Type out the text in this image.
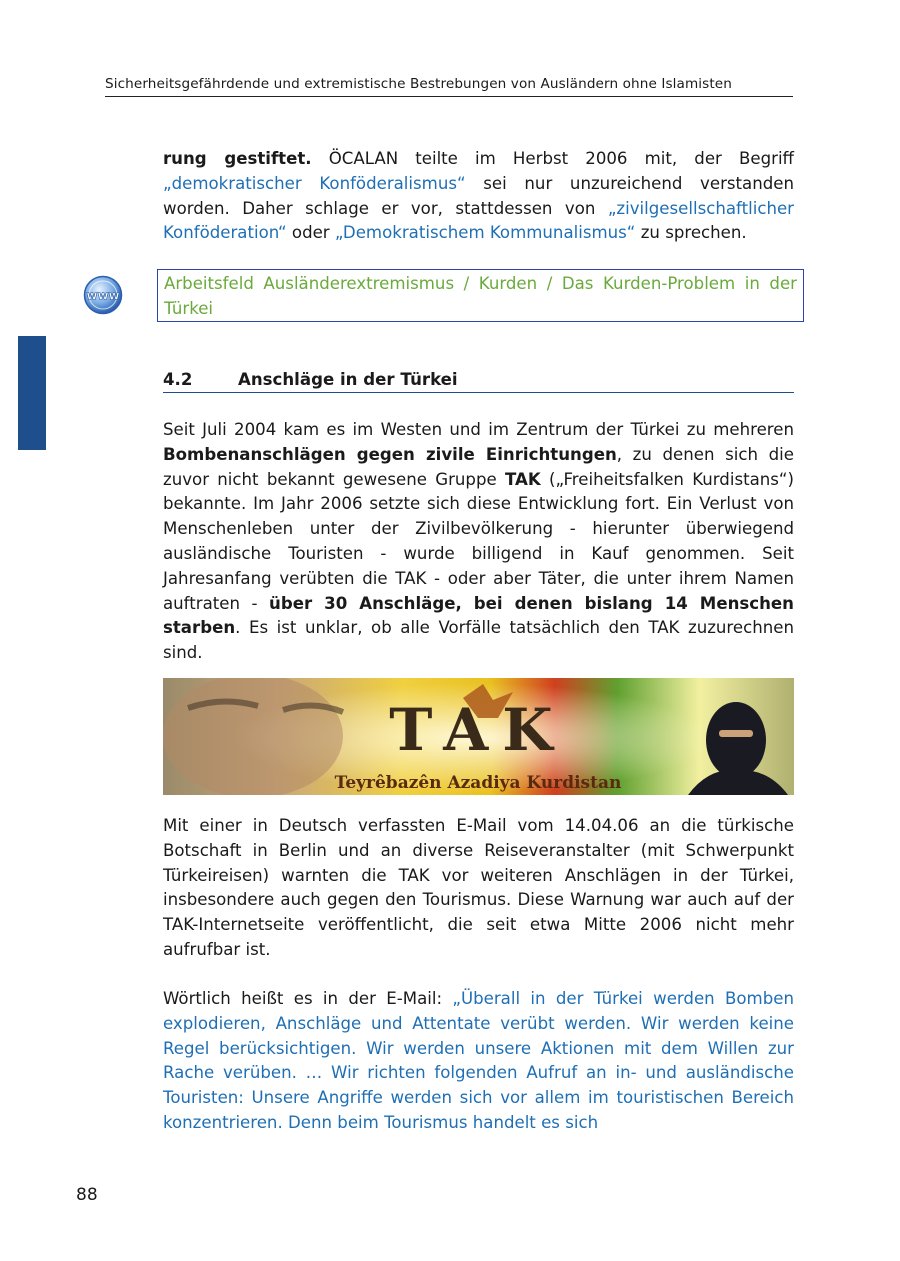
Sicherheitsgefährdende und extremistische Bestrebungen von Ausländern ohne Islamisten

rung gestiftet. ÖCALAN teilte im Herbst 2006 mit, der Begriff „demokratischer Konföderalismus“ sei nur unzureichend verstanden worden. Daher schlage er vor, stattdessen von „zivilgesellschaftlicher Konföderation“ oder „Demokratischem Kommunalismus“ zu sprechen.

www
Arbeitsfeld Ausländerextremismus / Kurden / Das Kurden-Problem in der Türkei
4.2	Anschläge in der Türkei

Seit Juli 2004 kam es im Westen und im Zentrum der Türkei zu mehreren Bombenanschlägen gegen zivile Einrichtungen, zu denen sich die zuvor nicht bekannt gewesene Gruppe TAK („Freiheitsfalken Kurdistans“) bekannte. Im Jahr 2006 setzte sich diese Entwicklung fort. Ein Verlust von Menschenleben unter der Zivilbevölkerung - hierunter überwiegend ausländische Touristen - wurde billigend in Kauf genommen. Seit Jahresanfang verübten die TAK - oder aber Täter, die unter ihrem Namen auftraten - über 30 Anschläge, bei denen bislang 14 Menschen starben. Es ist unklar, ob alle Vorfälle tatsächlich den TAK zuzurechnen sind.

TAK
Teyrêbazên Azadiya Kurdistan

Mit einer in Deutsch verfassten E-Mail vom 14.04.06 an die türkische Botschaft in Berlin und an diverse Reiseveranstalter (mit Schwerpunkt Türkeireisen) warnten die TAK vor weiteren Anschlägen in der Türkei, insbesondere auch gegen den Tourismus. Diese Warnung war auch auf der TAK-Internetseite veröffentlicht, die seit etwa Mitte 2006 nicht mehr aufrufbar ist.

Wörtlich heißt es in der E-Mail: „Überall in der Türkei werden Bomben explodieren, Anschläge und Attentate verübt werden. Wir werden keine Regel berücksichtigen. Wir werden unsere Aktionen mit dem Willen zur Rache verüben. … Wir richten folgenden Aufruf an in- und ausländische Touristen: Unsere Angriffe werden sich vor allem im touristischen Bereich konzentrieren. Denn beim Tourismus handelt es sich

88
